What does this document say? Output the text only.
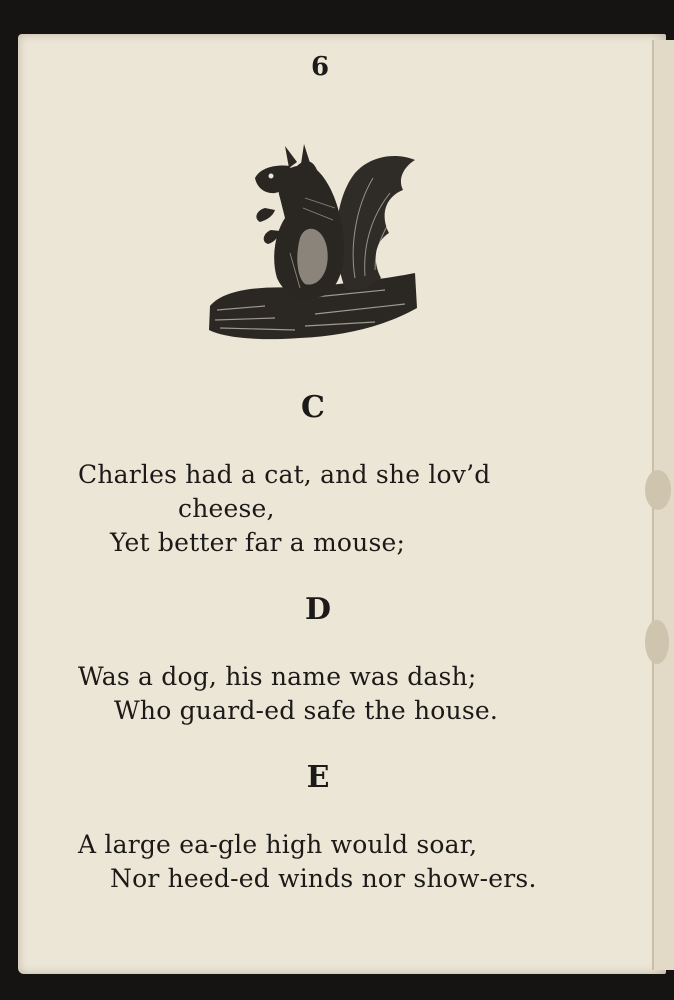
6
C
Charles had a cat, and she lov’d
cheese,
Yet better far a mouse;
D
Was a dog, his name was dash;
Who guard-ed safe the house.
E
A large ea-gle high would soar,
Nor heed-ed winds nor show-ers.
